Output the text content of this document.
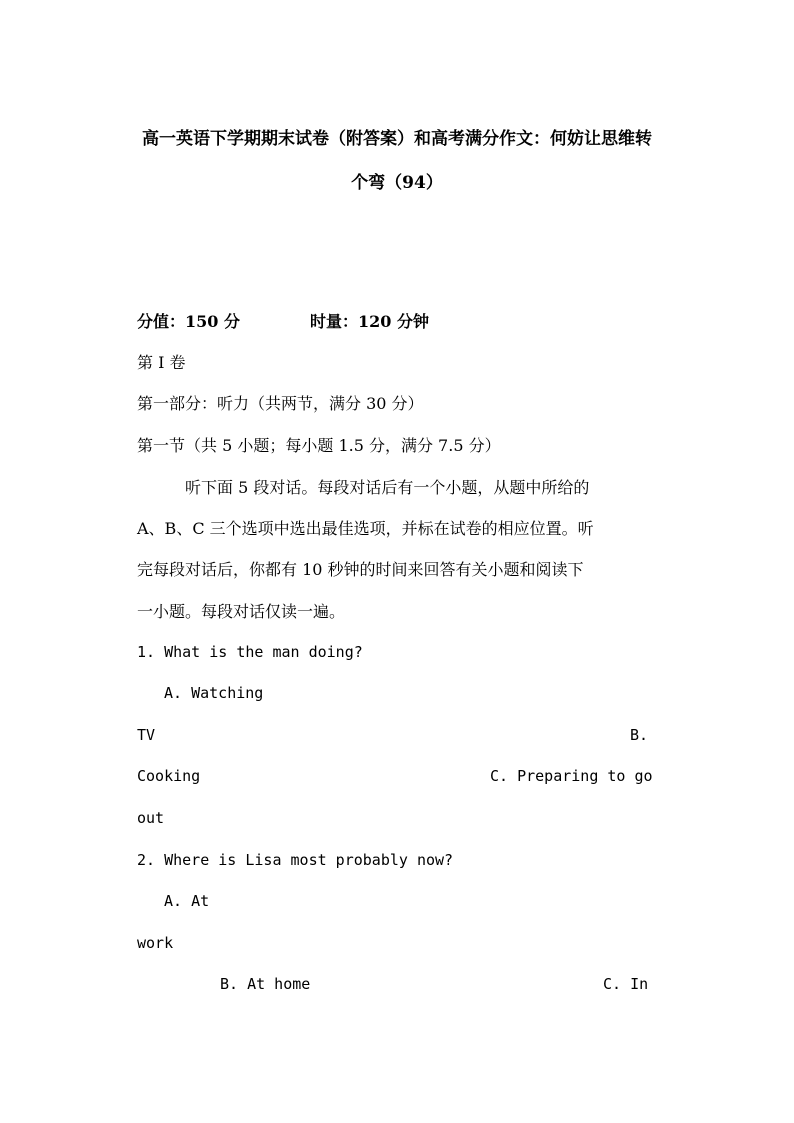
高一英语下学期期末试卷（附答案）和高考满分作文：何妨让思维转
个弯（94）
分值：150 分	时量：120 分钟
第 I 卷
第一部分：听力（共两节，满分 30 分）
第一节（共 5 小题；每小题 1.5 分，满分 7.5 分）
听下面 5 段对话。每段对话后有一个小题，从题中所给的
A、B、C 三个选项中选出最佳选项，并标在试卷的相应位置。听
完每段对话后，你都有 10 秒钟的时间来回答有关小题和阅读下
一小题。每段对话仅读一遍。
1. What is the man doing?
A. Watching
TV	B.
Cooking	C. Preparing to go
out
2. Where is Lisa most probably now?
A. At
work
B. At home	C. In
